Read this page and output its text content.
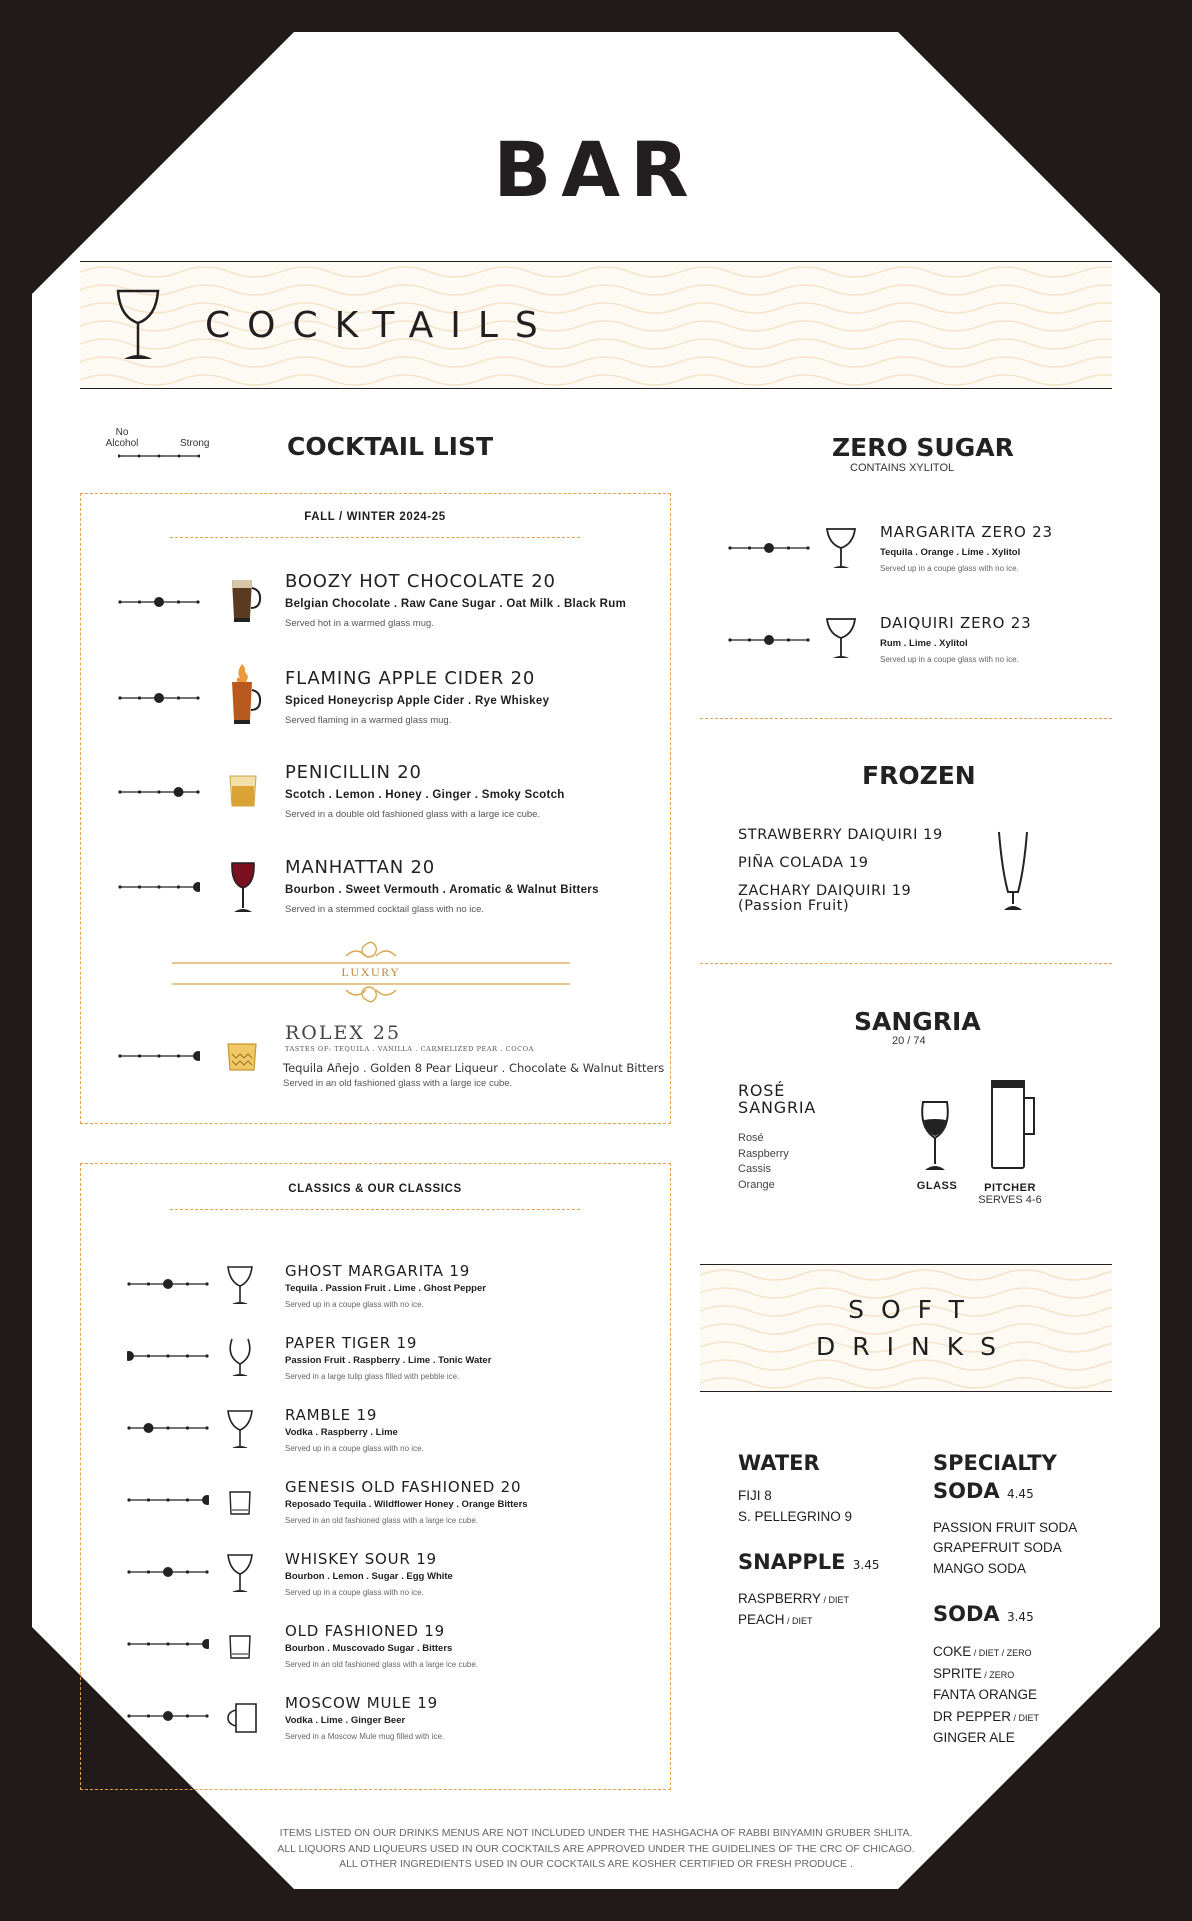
BAR
COCKTAILS
No Alcohol	Strong	COCKTAIL LIST
FALL / WINTER 2024-25
BOOZY HOT CHOCOLATE 20
Belgian Chocolate . Raw Cane Sugar . Oat Milk . Black Rum
Served hot in a warmed glass mug.
FLAMING APPLE CIDER 20
Spiced Honeycrisp Apple Cider . Rye Whiskey
Served flaming in a warmed glass mug.
PENICILLIN 20
Scotch . Lemon . Honey . Ginger . Smoky Scotch
Served in a double old fashioned glass with a large ice cube.
MANHATTAN 20
Bourbon . Sweet Vermouth . Aromatic & Walnut Bitters
Served in a stemmed cocktail glass with no ice.
LUXURY
ROLEX 25
TASTES OF: TEQUILA . VANILLA . CARMELIZED PEAR . COCOA
Tequila Añejo . Golden 8 Pear Liqueur . Chocolate & Walnut Bitters
Served in an old fashioned glass with a large ice cube.
CLASSICS & OUR CLASSICS
GHOST MARGARITA 19
Tequila . Passion Fruit . Lime . Ghost Pepper
Served up in a coupe glass with no ice.
PAPER TIGER 19
Passion Fruit . Raspberry . Lime . Tonic Water
Served in a large tulip glass filled with pebble ice.
RAMBLE 19
Vodka . Raspberry . Lime
Served up in a coupe glass with no ice.
GENESIS OLD FASHIONED 20
Reposado Tequila . Wildflower Honey . Orange Bitters
Served in an old fashioned glass with a large ice cube.
WHISKEY SOUR 19
Bourbon . Lemon . Sugar . Egg White
Served up in a coupe glass with no ice.
OLD FASHIONED 19
Bourbon . Muscovado Sugar . Bitters
Served in an old fashioned glass with a large ice cube.
MOSCOW MULE 19
Vodka . Lime . Ginger Beer
Served in a Moscow Mule mug filled with ice.
ZERO SUGAR
CONTAINS XYLITOL
MARGARITA ZERO 23
Tequila . Orange . Lime . Xylitol
Served up in a coupe glass with no ice.
DAIQUIRI ZERO 23
Rum . Lime . Xylitol
Served up in a coupe glass with no ice.
FROZEN
STRAWBERRY DAIQUIRI 19
PIÑA COLADA 19
ZACHARY DAIQUIRI 19
(Passion Fruit)
SANGRIA
20 / 74
ROSÉ
SANGRIA
Rosé
Raspberry
Cassis
Orange	GLASS	PITCHER
SERVES 4-6
SOFT
DRINKS
WATER
FIJI 8
S. PELLEGRINO 9
SNAPPLE 3.45
RASPBERRY / DIET
PEACH / DIET
SPECIALTY
SODA 4.45
PASSION FRUIT SODA
GRAPEFRUIT SODA
MANGO SODA
SODA 3.45
COKE / DIET / ZERO
SPRITE / ZERO
FANTA ORANGE
DR PEPPER / DIET
GINGER ALE
ITEMS LISTED ON OUR DRINKS MENUS ARE NOT INCLUDED UNDER THE HASHGACHA OF RABBI BINYAMIN GRUBER SHLITA.
ALL LIQUORS AND LIQUEURS USED IN OUR COCKTAILS ARE APPROVED UNDER THE GUIDELINES OF THE CRC OF CHICAGO.
ALL OTHER INGREDIENTS USED IN OUR COCKTAILS ARE KOSHER CERTIFIED OR FRESH PRODUCE .
